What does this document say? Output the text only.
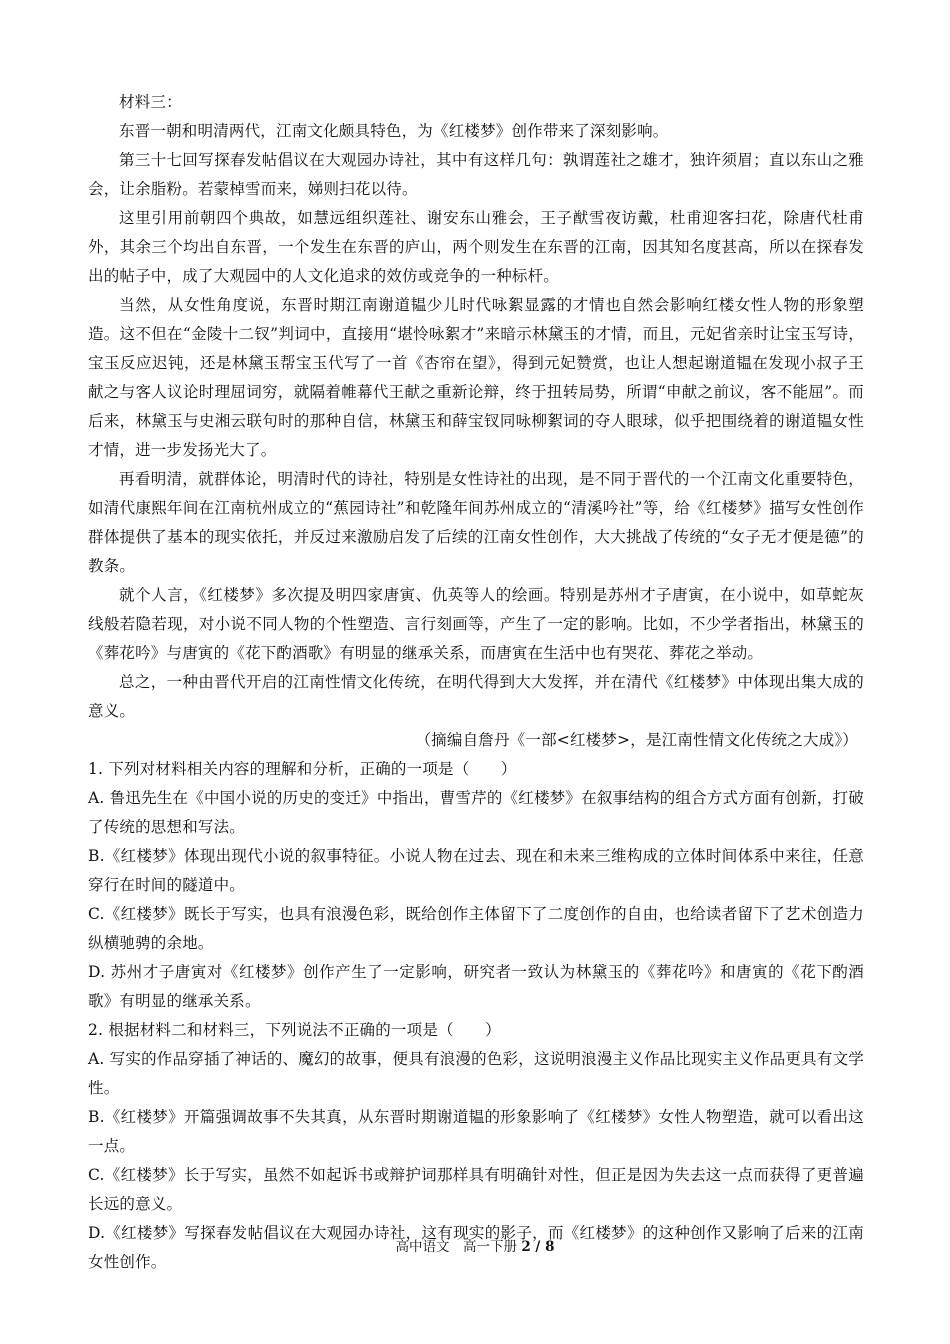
材料三：

东晋一朝和明清两代，江南文化颇具特色，为《红楼梦》创作带来了深刻影响。

第三十七回写探春发帖倡议在大观园办诗社，其中有这样几句：孰谓莲社之雄才，独许须眉；直以东山之雅会，让余脂粉。若蒙棹雪而来，娣则扫花以待。

这里引用前朝四个典故，如慧远组织莲社、谢安东山雅会，王子猷雪夜访戴，杜甫迎客扫花，除唐代杜甫外，其余三个均出自东晋，一个发生在东晋的庐山，两个则发生在东晋的江南，因其知名度甚高，所以在探春发出的帖子中，成了大观园中的人文化追求的效仿或竞争的一种标杆。

当然，从女性角度说，东晋时期江南谢道韫少儿时代咏絮显露的才情也自然会影响红楼女性人物的形象塑造。这不但在“金陵十二钗”判词中，直接用“堪怜咏絮才”来暗示林黛玉的才情，而且，元妃省亲时让宝玉写诗，宝玉反应迟钝，还是林黛玉帮宝玉代写了一首《杏帘在望》，得到元妃赞赏，也让人想起谢道韫在发现小叔子王献之与客人议论时理屈词穷，就隔着帷幕代王献之重新论辩，终于扭转局势，所谓“申献之前议，客不能屈”。而后来，林黛玉与史湘云联句时的那种自信，林黛玉和薛宝钗同咏柳絮词的夺人眼球，似乎把围绕着的谢道韫女性才情，进一步发扬光大了。

再看明清，就群体论，明清时代的诗社，特别是女性诗社的出现，是不同于晋代的一个江南文化重要特色，如清代康熙年间在江南杭州成立的“蕉园诗社”和乾隆年间苏州成立的“清溪吟社”等，给《红楼梦》描写女性创作群体提供了基本的现实依托，并反过来激励启发了后续的江南女性创作，大大挑战了传统的“女子无才便是德”的教条。

就个人言，《红楼梦》多次提及明四家唐寅、仇英等人的绘画。特别是苏州才子唐寅，在小说中，如草蛇灰线般若隐若现，对小说不同人物的个性塑造、言行刻画等，产生了一定的影响。比如，不少学者指出，林黛玉的《葬花吟》与唐寅的《花下酌酒歌》有明显的继承关系，而唐寅在生活中也有哭花、葬花之举动。

总之，一种由晋代开启的江南性情文化传统，在明代得到大大发挥，并在清代《红楼梦》中体现出集大成的意义。

（摘编自詹丹《一部<红楼梦>，是江南性情文化传统之大成》）

1. 下列对材料相关内容的理解和分析，正确的一项是（　　）

A. 鲁迅先生在《中国小说的历史的变迁》中指出，曹雪芹的《红楼梦》在叙事结构的组合方式方面有创新，打破了传统的思想和写法。

B.《红楼梦》体现出现代小说的叙事特征。小说人物在过去、现在和未来三维构成的立体时间体系中来往，任意穿行在时间的隧道中。

C.《红楼梦》既长于写实，也具有浪漫色彩，既给创作主体留下了二度创作的自由，也给读者留下了艺术创造力纵横驰骋的余地。

D. 苏州才子唐寅对《红楼梦》创作产生了一定影响，研究者一致认为林黛玉的《葬花吟》和唐寅的《花下酌酒歌》有明显的继承关系。

2. 根据材料二和材料三，下列说法不正确的一项是（　　）

A. 写实的作品穿插了神话的、魔幻的故事，便具有浪漫的色彩，这说明浪漫主义作品比现实主义作品更具有文学性。

B.《红楼梦》开篇强调故事不失其真，从东晋时期谢道韫的形象影响了《红楼梦》女性人物塑造，就可以看出这一点。

C.《红楼梦》长于写实，虽然不如起诉书或辩护词那样具有明确针对性，但正是因为失去这一点而获得了更普遍长远的意义。

D.《红楼梦》写探春发帖倡议在大观园办诗社，这有现实的影子，而《红楼梦》的这种创作又影响了后来的江南女性创作。

高中语文　高一下册 2 / 8
